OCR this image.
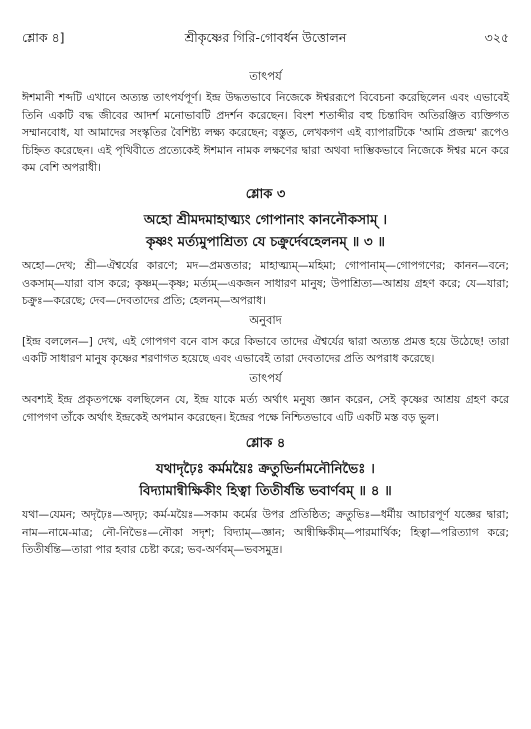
শ্লোক ৪]	শ্রীকৃষ্ণের গিরি-গোবর্ধন উত্তোলন	৩২৫
তাৎপর্য

ঈশমানী শব্দটি এখানে অত্যন্ত তাৎপর্যপূর্ণ। ইন্দ্র উদ্ধতভাবে নিজেকে ঈশ্বররূপে বিবেচনা করেছিলেন এবং এভাবেই তিনি একটি বদ্ধ জীবের আদর্শ মনোভাবটি প্রদর্শন করেছেন। বিংশ শতাব্দীর বহু চিন্তাবিদ অতিরঞ্জিত ব্যক্তিগত সম্মানবোধ, যা আমাদের সংস্কৃতির বৈশিষ্ট্য লক্ষ্য করেছেন; বস্তুত, লেখকগণ এই ব্যাপারটিকে 'আমি প্রজন্ম' রূপেও চিহ্নিত করেছেন। এই পৃথিবীতে প্রত্যেকেই ঈশমান নামক লক্ষণের দ্বারা অথবা দাম্ভিকভাবে নিজেকে ঈশ্বর মনে করে কম বেশি অপরাধী।

শ্লোক ৩

অহো শ্রীমদমাহাত্ম্যং গোপানাং কাননৌকসাম্ ।

কৃষ্ণং মর্ত্যমুপাশ্রিত্য যে চক্রুর্দেবহেলনম্ ॥ ৩ ॥

অহো—দেখ; শ্রী—ঐশ্বর্যের কারণে; মদ—প্রমত্ততার; মাহাত্ম্যম্—মহিমা; গোপানাম্—গোপগণের; কানন—বনে; ওকসাম্—যারা বাস করে; কৃষ্ণম্—কৃষ্ণ; মর্ত্যম্—একজন সাধারণ মানুষ; উপাশ্রিত্য—আশ্রয় গ্রহণ করে; যে—যারা; চক্রুঃ—করেছে; দেব—দেবতাদের প্রতি; হেলনম্—অপরাধ।

অনুবাদ

[ইন্দ্র বললেন—] দেখ, এই গোপগণ বনে বাস করে কিভাবে তাদের ঐশ্বর্যের দ্বারা অত্যন্ত প্রমত্ত হয়ে উঠেছে! তারা একটি সাধারণ মানুষ কৃষ্ণের শরণাগত হয়েছে এবং এভাবেই তারা দেবতাদের প্রতি অপরাধ করেছে।

তাৎপর্য

অবশ্যই ইন্দ্র প্রকৃতপক্ষে বলছিলেন যে, ইন্দ্র যাকে মর্ত্য অর্থাৎ মনুষ্য জ্ঞান করেন, সেই কৃষ্ণের আশ্রয় গ্রহণ করে গোপগণ তাঁকে অর্থাৎ ইন্দ্রকেই অপমান করেছেন। ইন্দ্রের পক্ষে নিশ্চিতভাবে এটি একটি মস্ত বড় ভুল।

শ্লোক ৪

যথাদৃঢ়ৈঃ কর্মময়ৈঃ ক্রতুভির্নামনৌনিভৈঃ ।

বিদ্যামান্বীক্ষিকীং হিত্বা তিতীর্ষন্তি ভবার্ণবম্ ॥ ৪ ॥

যথা—যেমন; অদৃঢ়ৈঃ—অদৃঢ়; কর্ম-ময়ৈঃ—সকাম কর্মের উপর প্রতিষ্ঠিত; ক্রতুভিঃ—ধর্মীয় আচারপূর্ণ যজ্ঞের দ্বারা; নাম—নামে-মাত্র; নৌ-নিভৈঃ—নৌকা সদৃশ; বিদ্যাম্—জ্ঞান; আন্বীক্ষিকীম্—পারমার্থিক; হিত্বা—পরিত্যাগ করে; তিতীর্ষন্তি—তারা পার হবার চেষ্টা করে; ভব-অর্ণবম্—ভবসমুদ্র।
